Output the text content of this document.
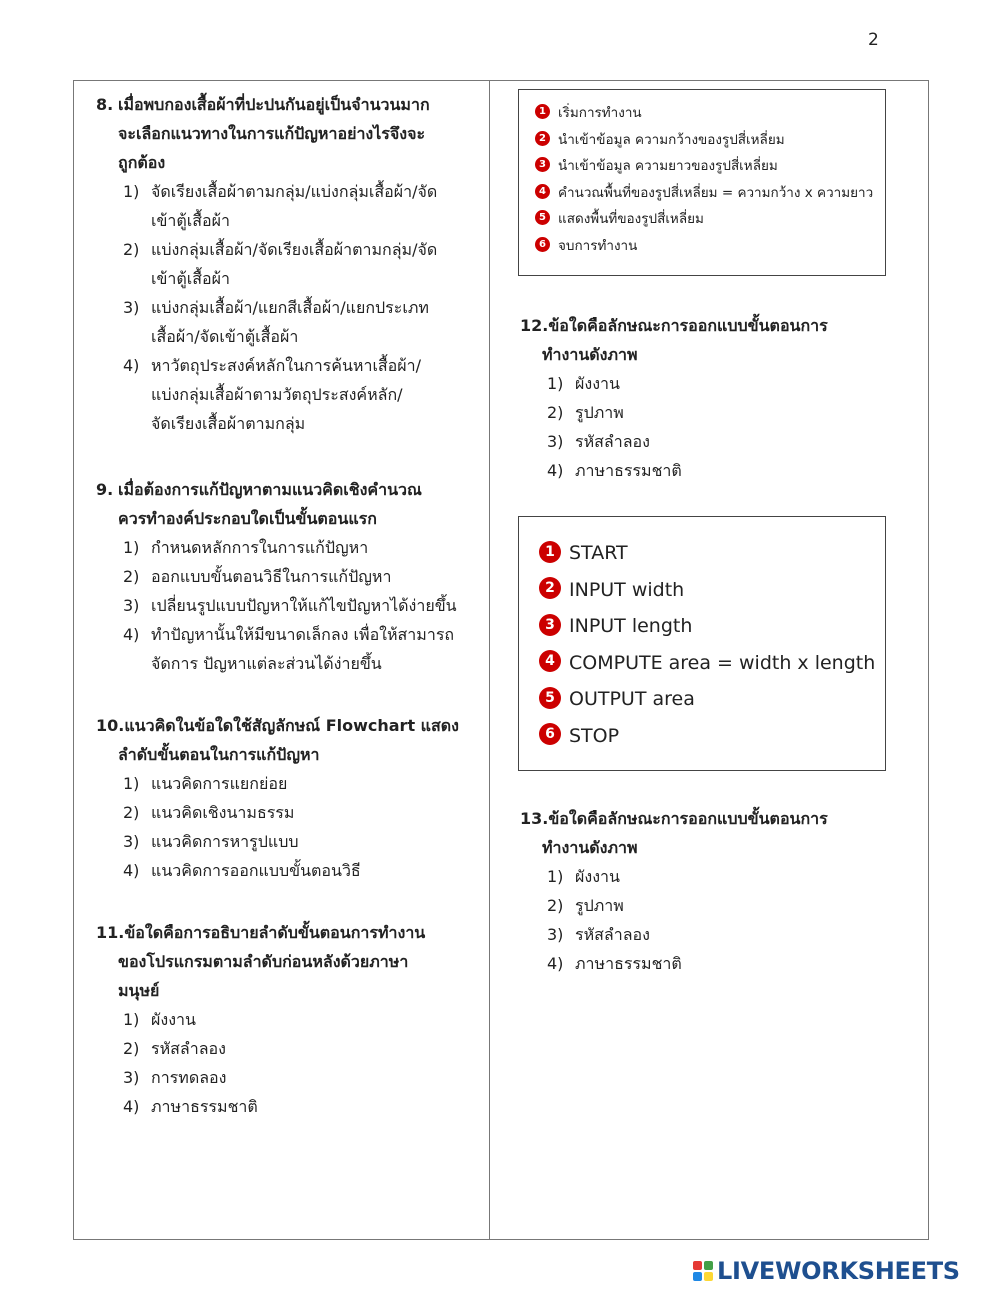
2
8. เมื่อพบกองเสื้อผ้าที่ปะปนกันอยู่เป็นจำนวนมาก
จะเลือกแนวทางในการแก้ปัญหาอย่างไรจึงจะ
ถูกต้อง
1) จัดเรียงเสื้อผ้าตามกลุ่ม/แบ่งกลุ่มเสื้อผ้า/จัด
เข้าตู้เสื้อผ้า
2) แบ่งกลุ่มเสื้อผ้า/จัดเรียงเสื้อผ้าตามกลุ่ม/จัด
เข้าตู้เสื้อผ้า
3) แบ่งกลุ่มเสื้อผ้า/แยกสีเสื้อผ้า/แยกประเภท
เสื้อผ้า/จัดเข้าตู้เสื้อผ้า
4) หาวัตถุประสงค์หลักในการค้นหาเสื้อผ้า/
แบ่งกลุ่มเสื้อผ้าตามวัตถุประสงค์หลัก/
จัดเรียงเสื้อผ้าตามกลุ่ม
9. เมื่อต้องการแก้ปัญหาตามแนวคิดเชิงคำนวณ
ควรทำองค์ประกอบใดเป็นขั้นตอนแรก
1) กำหนดหลักการในการแก้ปัญหา
2) ออกแบบขั้นตอนวิธีในการแก้ปัญหา
3) เปลี่ยนรูปแบบปัญหาให้แก้ไขปัญหาได้ง่ายขึ้น
4) ทำปัญหานั้นให้มีขนาดเล็กลง เพื่อให้สามารถ
จัดการ ปัญหาแต่ละส่วนได้ง่ายขึ้น
10.แนวคิดในข้อใดใช้สัญลักษณ์ Flowchart แสดง
ลำดับขั้นตอนในการแก้ปัญหา
1) แนวคิดการแยกย่อย
2) แนวคิดเชิงนามธรรม
3) แนวคิดการหารูปแบบ
4) แนวคิดการออกแบบขั้นตอนวิธี
11.ข้อใดคือการอธิบายลำดับขั้นตอนการทำงาน
ของโปรแกรมตามลำดับก่อนหลังด้วยภาษา
มนุษย์
1) ผังงาน
2) รหัสลำลอง
3) การทดลอง
4) ภาษาธรรมชาติ
1 เริ่มการทำงาน
2 นำเข้าข้อมูล ความกว้างของรูปสี่เหลี่ยม
3 นำเข้าข้อมูล ความยาวของรูปสี่เหลี่ยม
4 คำนวณพื้นที่ของรูปสี่เหลี่ยม = ความกว้าง x ความยาว
5 แสดงพื้นที่ของรูปสี่เหลี่ยม
6 จบการทำงาน
12.ข้อใดคือลักษณะการออกแบบขั้นตอนการ
ทำงานดังภาพ
1) ผังงาน
2) รูปภาพ
3) รหัสลำลอง
4) ภาษาธรรมชาติ
1 START
2 INPUT width
3 INPUT length
4 COMPUTE area = width x length
5 OUTPUT area
6 STOP
13.ข้อใดคือลักษณะการออกแบบขั้นตอนการ
ทำงานดังภาพ
1) ผังงาน
2) รูปภาพ
3) รหัสลำลอง
4) ภาษาธรรมชาติ
LIVEWORKSHEETS
